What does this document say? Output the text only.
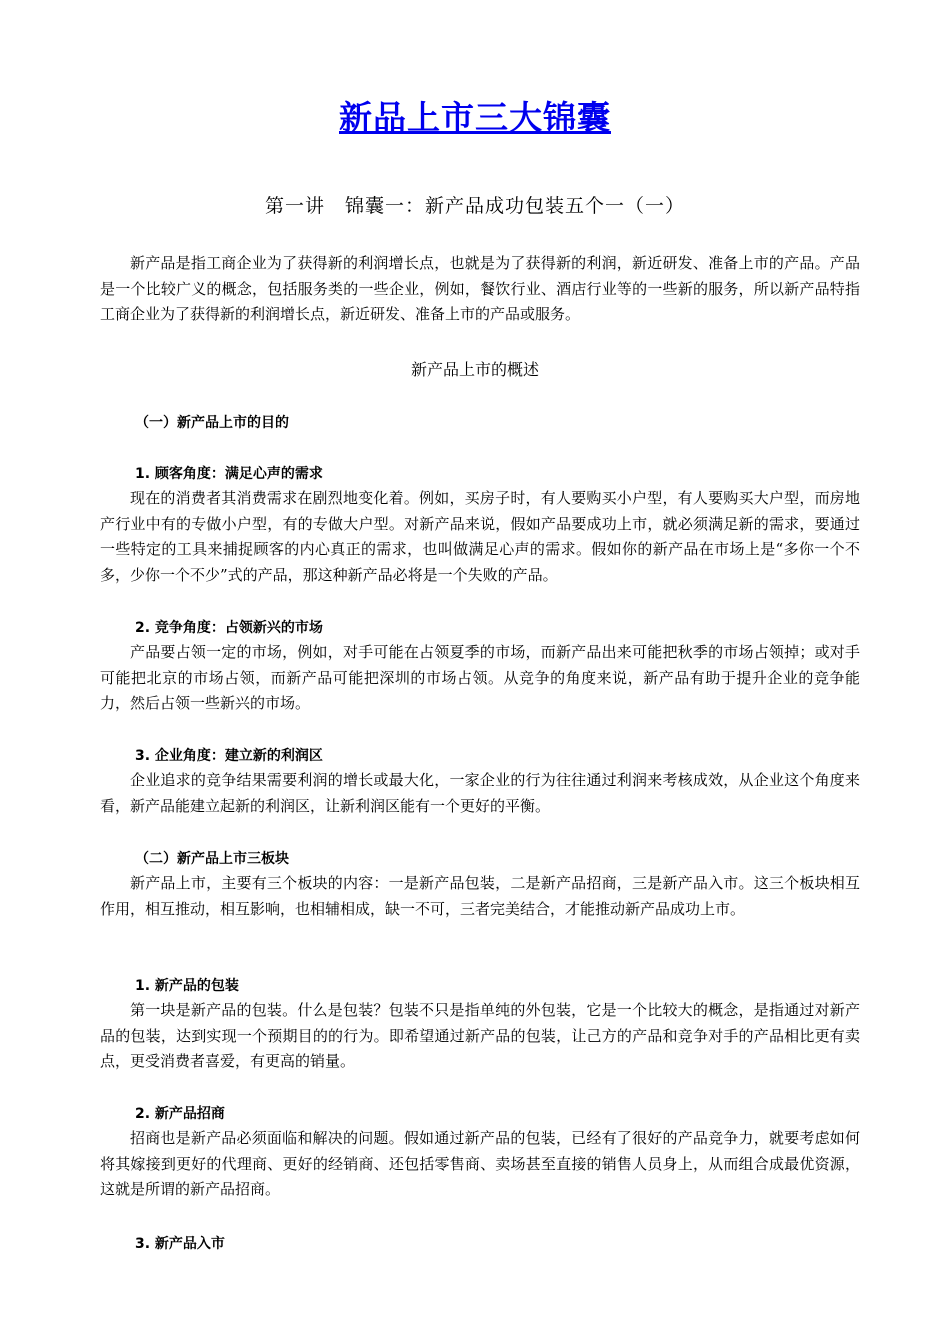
新品上市三大锦囊
第一讲　锦囊一：新产品成功包装五个一（一）

新产品是指工商企业为了获得新的利润增长点，也就是为了获得新的利润，新近研发、准备上市的产品。产品是一个比较广义的概念，包括服务类的一些企业，例如，餐饮行业、酒店行业等的一些新的服务，所以新产品特指工商企业为了获得新的利润增长点，新近研发、准备上市的产品或服务。

新产品上市的概述
（一）新产品上市的目的
1. 顾客角度：满足心声的需求

现在的消费者其消费需求在剧烈地变化着。例如，买房子时，有人要购买小户型，有人要购买大户型，而房地产行业中有的专做小户型，有的专做大户型。对新产品来说，假如产品要成功上市，就必须满足新的需求，要通过一些特定的工具来捕捉顾客的内心真正的需求，也叫做满足心声的需求。假如你的新产品在市场上是“多你一个不多，少你一个不少”式的产品，那这种新产品必将是一个失败的产品。

2. 竞争角度：占领新兴的市场

产品要占领一定的市场，例如，对手可能在占领夏季的市场，而新产品出来可能把秋季的市场占领掉；或对手可能把北京的市场占领，而新产品可能把深圳的市场占领。从竞争的角度来说，新产品有助于提升企业的竞争能力，然后占领一些新兴的市场。

3. 企业角度：建立新的利润区

企业追求的竞争结果需要利润的增长或最大化，一家企业的行为往往通过利润来考核成效，从企业这个角度来看，新产品能建立起新的利润区，让新利润区能有一个更好的平衡。

（二）新产品上市三板块

新产品上市，主要有三个板块的内容：一是新产品包装，二是新产品招商，三是新产品入市。这三个板块相互作用，相互推动，相互影响，也相辅相成，缺一不可，三者完美结合，才能推动新产品成功上市。

1. 新产品的包装

第一块是新产品的包装。什么是包装？包装不只是指单纯的外包装，它是一个比较大的概念，是指通过对新产品的包装，达到实现一个预期目的的行为。即希望通过新产品的包装，让己方的产品和竞争对手的产品相比更有卖点，更受消费者喜爱，有更高的销量。

2. 新产品招商

招商也是新产品必须面临和解决的问题。假如通过新产品的包装，已经有了很好的产品竞争力，就要考虑如何将其嫁接到更好的代理商、更好的经销商、还包括零售商、卖场甚至直接的销售人员身上，从而组合成最优资源，这就是所谓的新产品招商。

3. 新产品入市
